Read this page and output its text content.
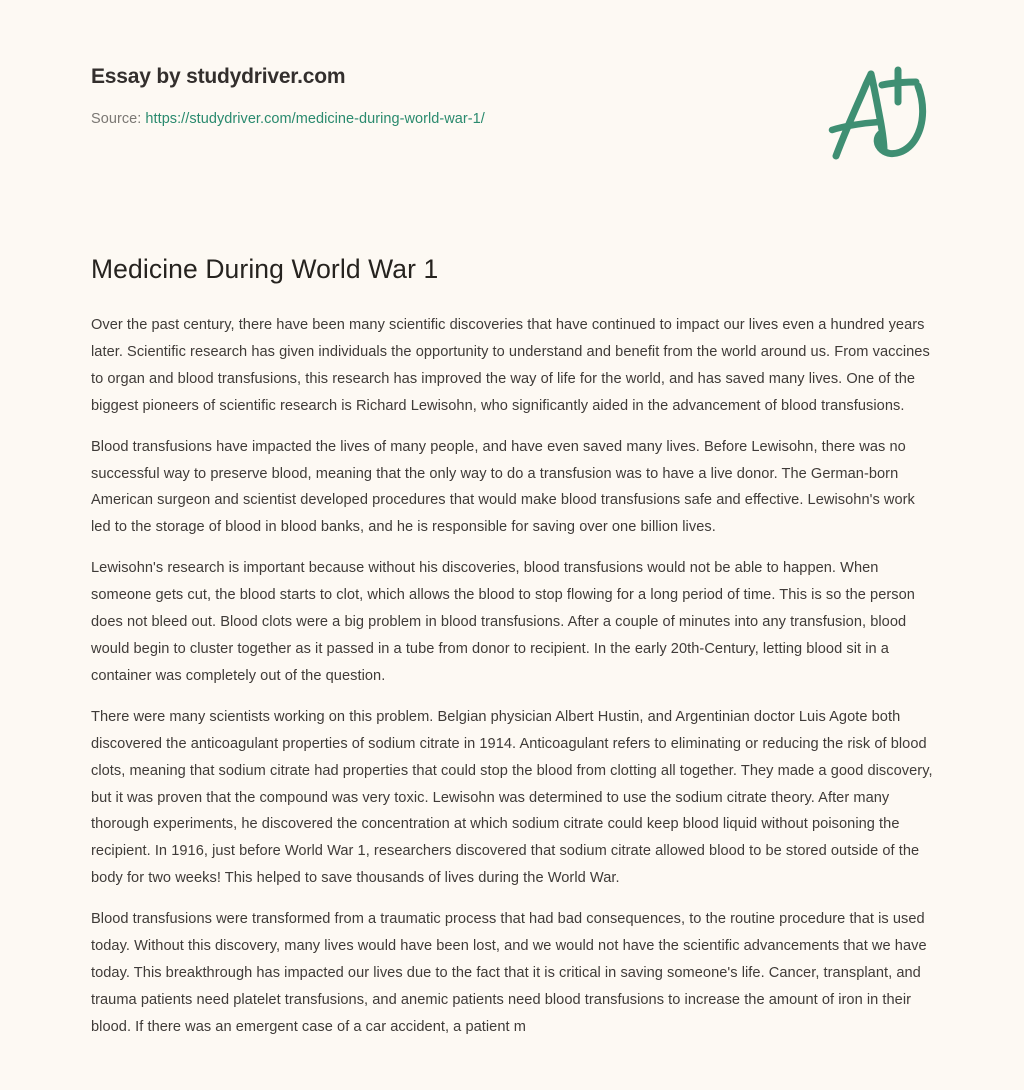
Essay by studydriver.com

Source: https://studydriver.com/medicine-during-world-war-1/

Medicine During World War 1

Over the past century, there have been many scientific discoveries that have continued to impact our lives even a hundred years later. Scientific research has given individuals the opportunity to understand and benefit from the world around us. From vaccines to organ and blood transfusions, this research has improved the way of life for the world, and has saved many lives. One of the biggest pioneers of scientific research is Richard Lewisohn, who significantly aided in the advancement of blood transfusions.

Blood transfusions have impacted the lives of many people, and have even saved many lives. Before Lewisohn, there was no successful way to preserve blood, meaning that the only way to do a transfusion was to have a live donor. The German-born American surgeon and scientist developed procedures that would make blood transfusions safe and effective. Lewisohn's work led to the storage of blood in blood banks, and he is responsible for saving over one billion lives.

Lewisohn's research is important because without his discoveries, blood transfusions would not be able to happen. When someone gets cut, the blood starts to clot, which allows the blood to stop flowing for a long period of time. This is so the person does not bleed out. Blood clots were a big problem in blood transfusions. After a couple of minutes into any transfusion, blood would begin to cluster together as it passed in a tube from donor to recipient. In the early 20th-Century, letting blood sit in a container was completely out of the question.

There were many scientists working on this problem. Belgian physician Albert Hustin, and Argentinian doctor Luis Agote both discovered the anticoagulant properties of sodium citrate in 1914. Anticoagulant refers to eliminating or reducing the risk of blood clots, meaning that sodium citrate had properties that could stop the blood from clotting all together. They made a good discovery, but it was proven that the compound was very toxic. Lewisohn was determined to use the sodium citrate theory. After many thorough experiments, he discovered the concentration at which sodium citrate could keep blood liquid without poisoning the recipient. In 1916, just before World War 1, researchers discovered that sodium citrate allowed blood to be stored outside of the body for two weeks! This helped to save thousands of lives during the World War.

Blood transfusions were transformed from a traumatic process that had bad consequences, to the routine procedure that is used today. Without this discovery, many lives would have been lost, and we would not have the scientific advancements that we have today. This breakthrough has impacted our lives due to the fact that it is critical in saving someone's life. Cancer, transplant, and trauma patients need platelet transfusions, and anemic patients need blood transfusions to increase the amount of iron in their blood. If there was an emergent case of a car accident, a patient m
